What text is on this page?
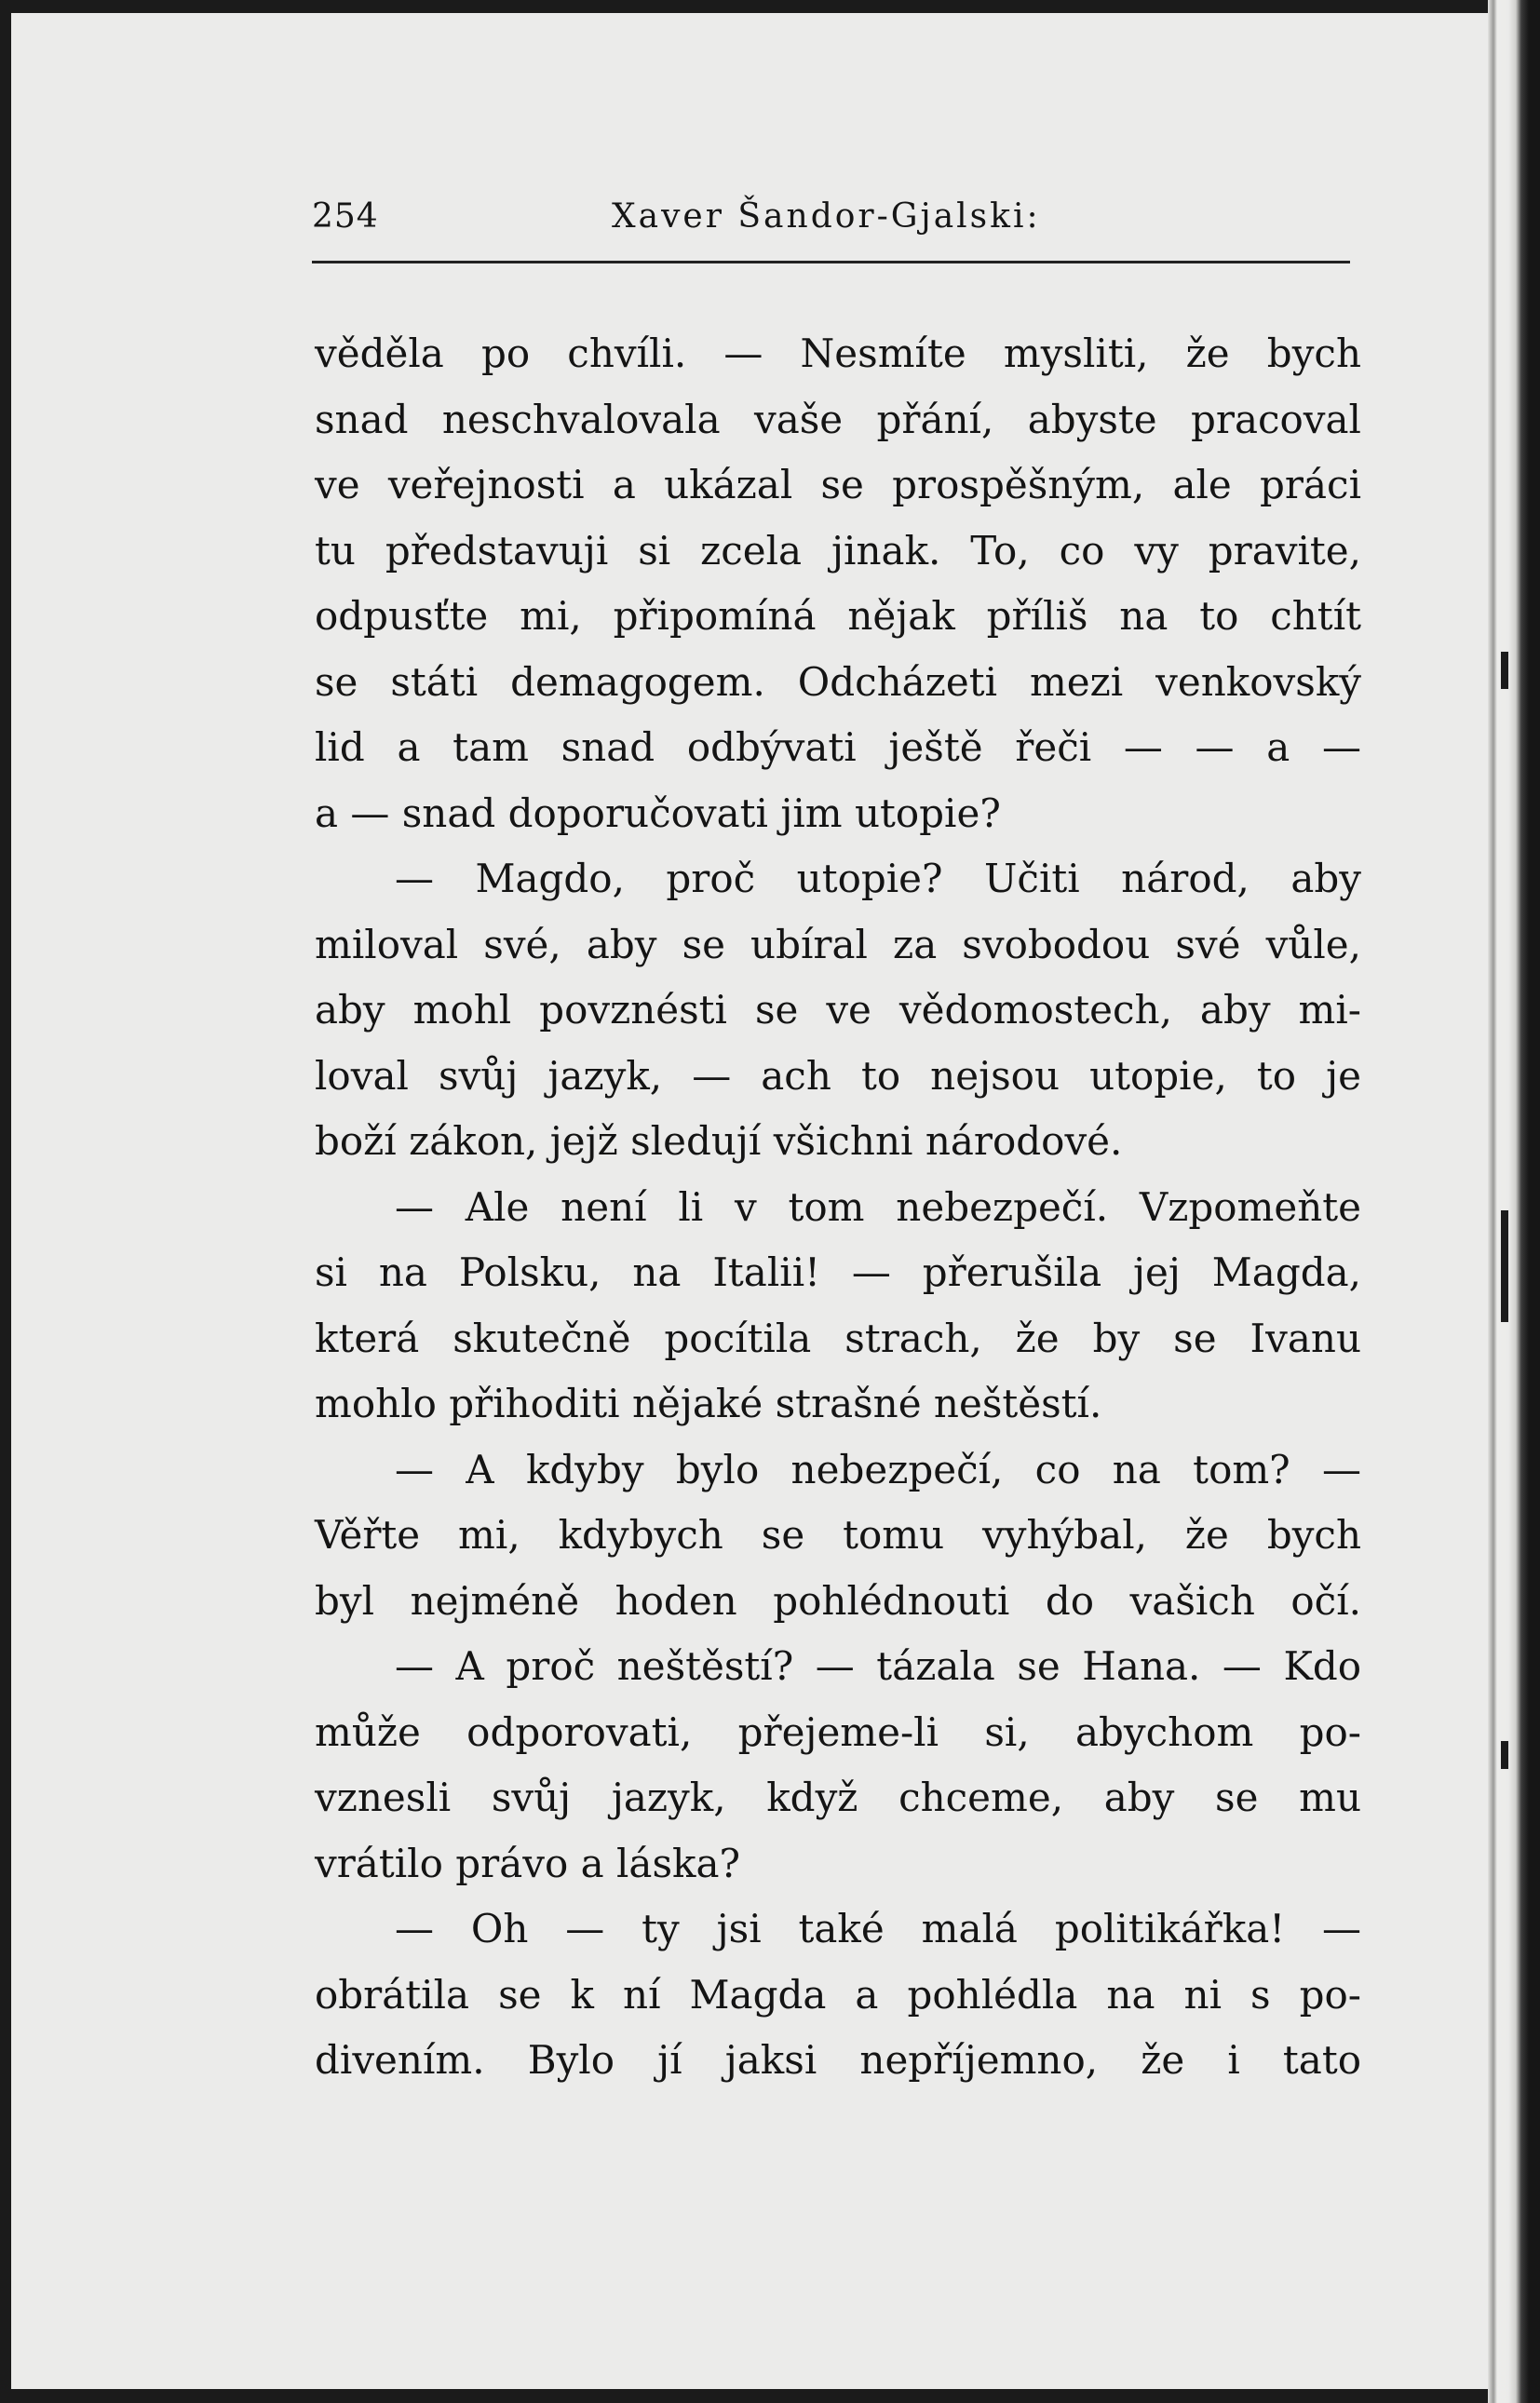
254	Xaver Šandor-Gjalski:
věděla po chvíli. — Nesmíte mysliti, že bych
snad neschvalovala vaše přání, abyste pracoval
ve veřejnosti a ukázal se prospěšným, ale práci
tu představuji si zcela jinak. To, co vy pravite,
odpusťte mi, připomíná nějak příliš na to chtít
se státi demagogem. Odcházeti mezi venkovský
lid a tam snad odbývati ještě řeči — — a —
a — snad doporučovati jim utopie?
— Magdo, proč utopie? Učiti národ, aby
miloval své, aby se ubíral za svobodou své vůle,
aby mohl povznésti se ve vědomostech, aby mi-
loval svůj jazyk, — ach to nejsou utopie, to je
boží zákon, jejž sledují všichni národové.
— Ale není li v tom nebezpečí. Vzpomeňte
si na Polsku, na Italii! — přerušila jej Magda,
která skutečně pocítila strach, že by se Ivanu
mohlo přihoditi nějaké strašné neštěstí.
— A kdyby bylo nebezpečí, co na tom? —
Věřte mi, kdybych se tomu vyhýbal, že bych
byl nejméně hoden pohlédnouti do vašich očí.
— A proč neštěstí? — tázala se Hana. — Kdo
může odporovati, přejeme-li si, abychom po-
vznesli svůj jazyk, když chceme, aby se mu
vrátilo právo a láska?
— Oh — ty jsi také malá politikářka! —
obrátila se k ní Magda a pohlédla na ni s po-
divením. Bylo jí jaksi nepříjemno, že i tato
